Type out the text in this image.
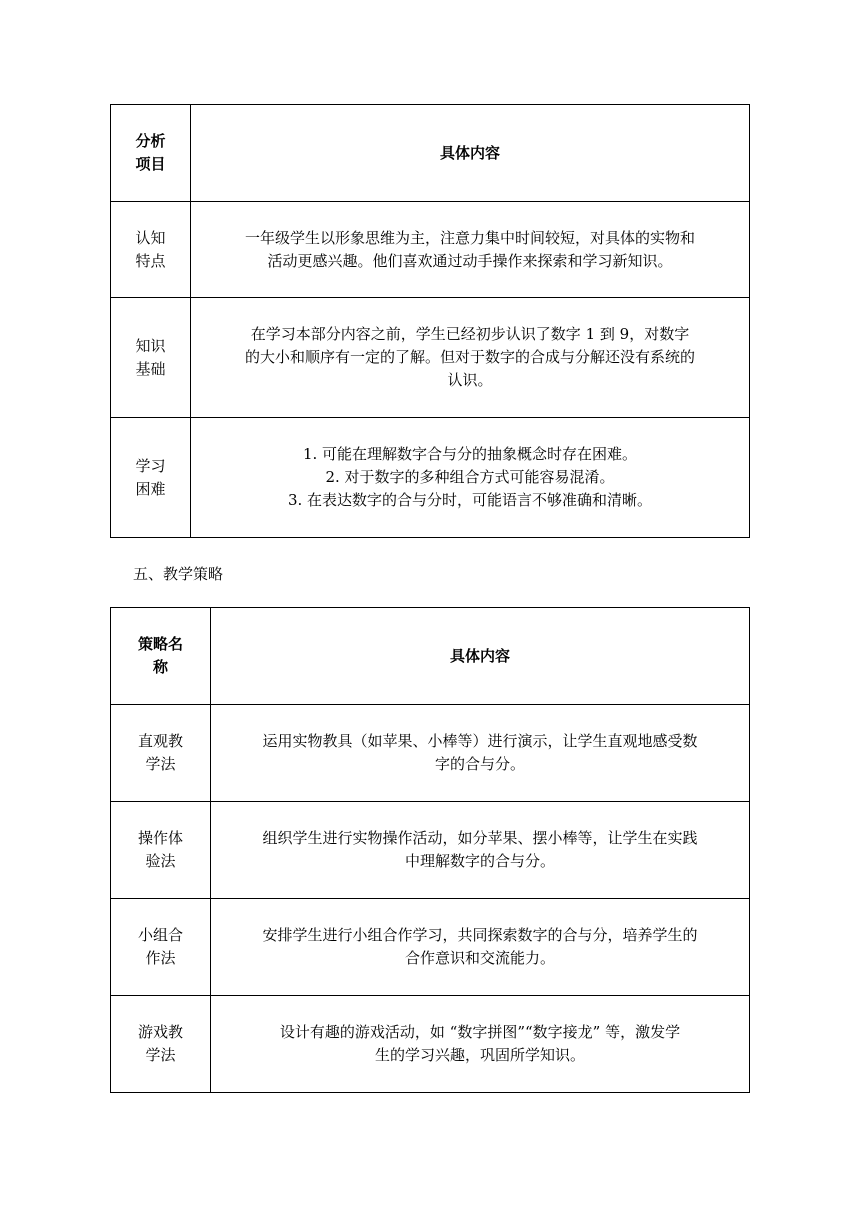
分析
项目	具体内容

认知
特点	一年级学生以形象思维为主，注意力集中时间较短，对具体的实物和
活动更感兴趣。他们喜欢通过动手操作来探索和学习新知识。

知识
基础	在学习本部分内容之前，学生已经初步认识了数字 1 到 9，对数字
的大小和顺序有一定的了解。但对于数字的合成与分解还没有系统的
认识。

学习
困难	1. 可能在理解数字合与分的抽象概念时存在困难。
2. 对于数字的多种组合方式可能容易混淆。
3. 在表达数字的合与分时，可能语言不够准确和清晰。

五、教学策略

策略名
称	具体内容

直观教
学法	运用实物教具（如苹果、小棒等）进行演示，让学生直观地感受数
字的合与分。

操作体
验法	组织学生进行实物操作活动，如分苹果、摆小棒等，让学生在实践
中理解数字的合与分。

小组合
作法	安排学生进行小组合作学习，共同探索数字的合与分，培养学生的
合作意识和交流能力。

游戏教
学法	设计有趣的游戏活动，如 “数字拼图”“数字接龙” 等，激发学
生的学习兴趣，巩固所学知识。
